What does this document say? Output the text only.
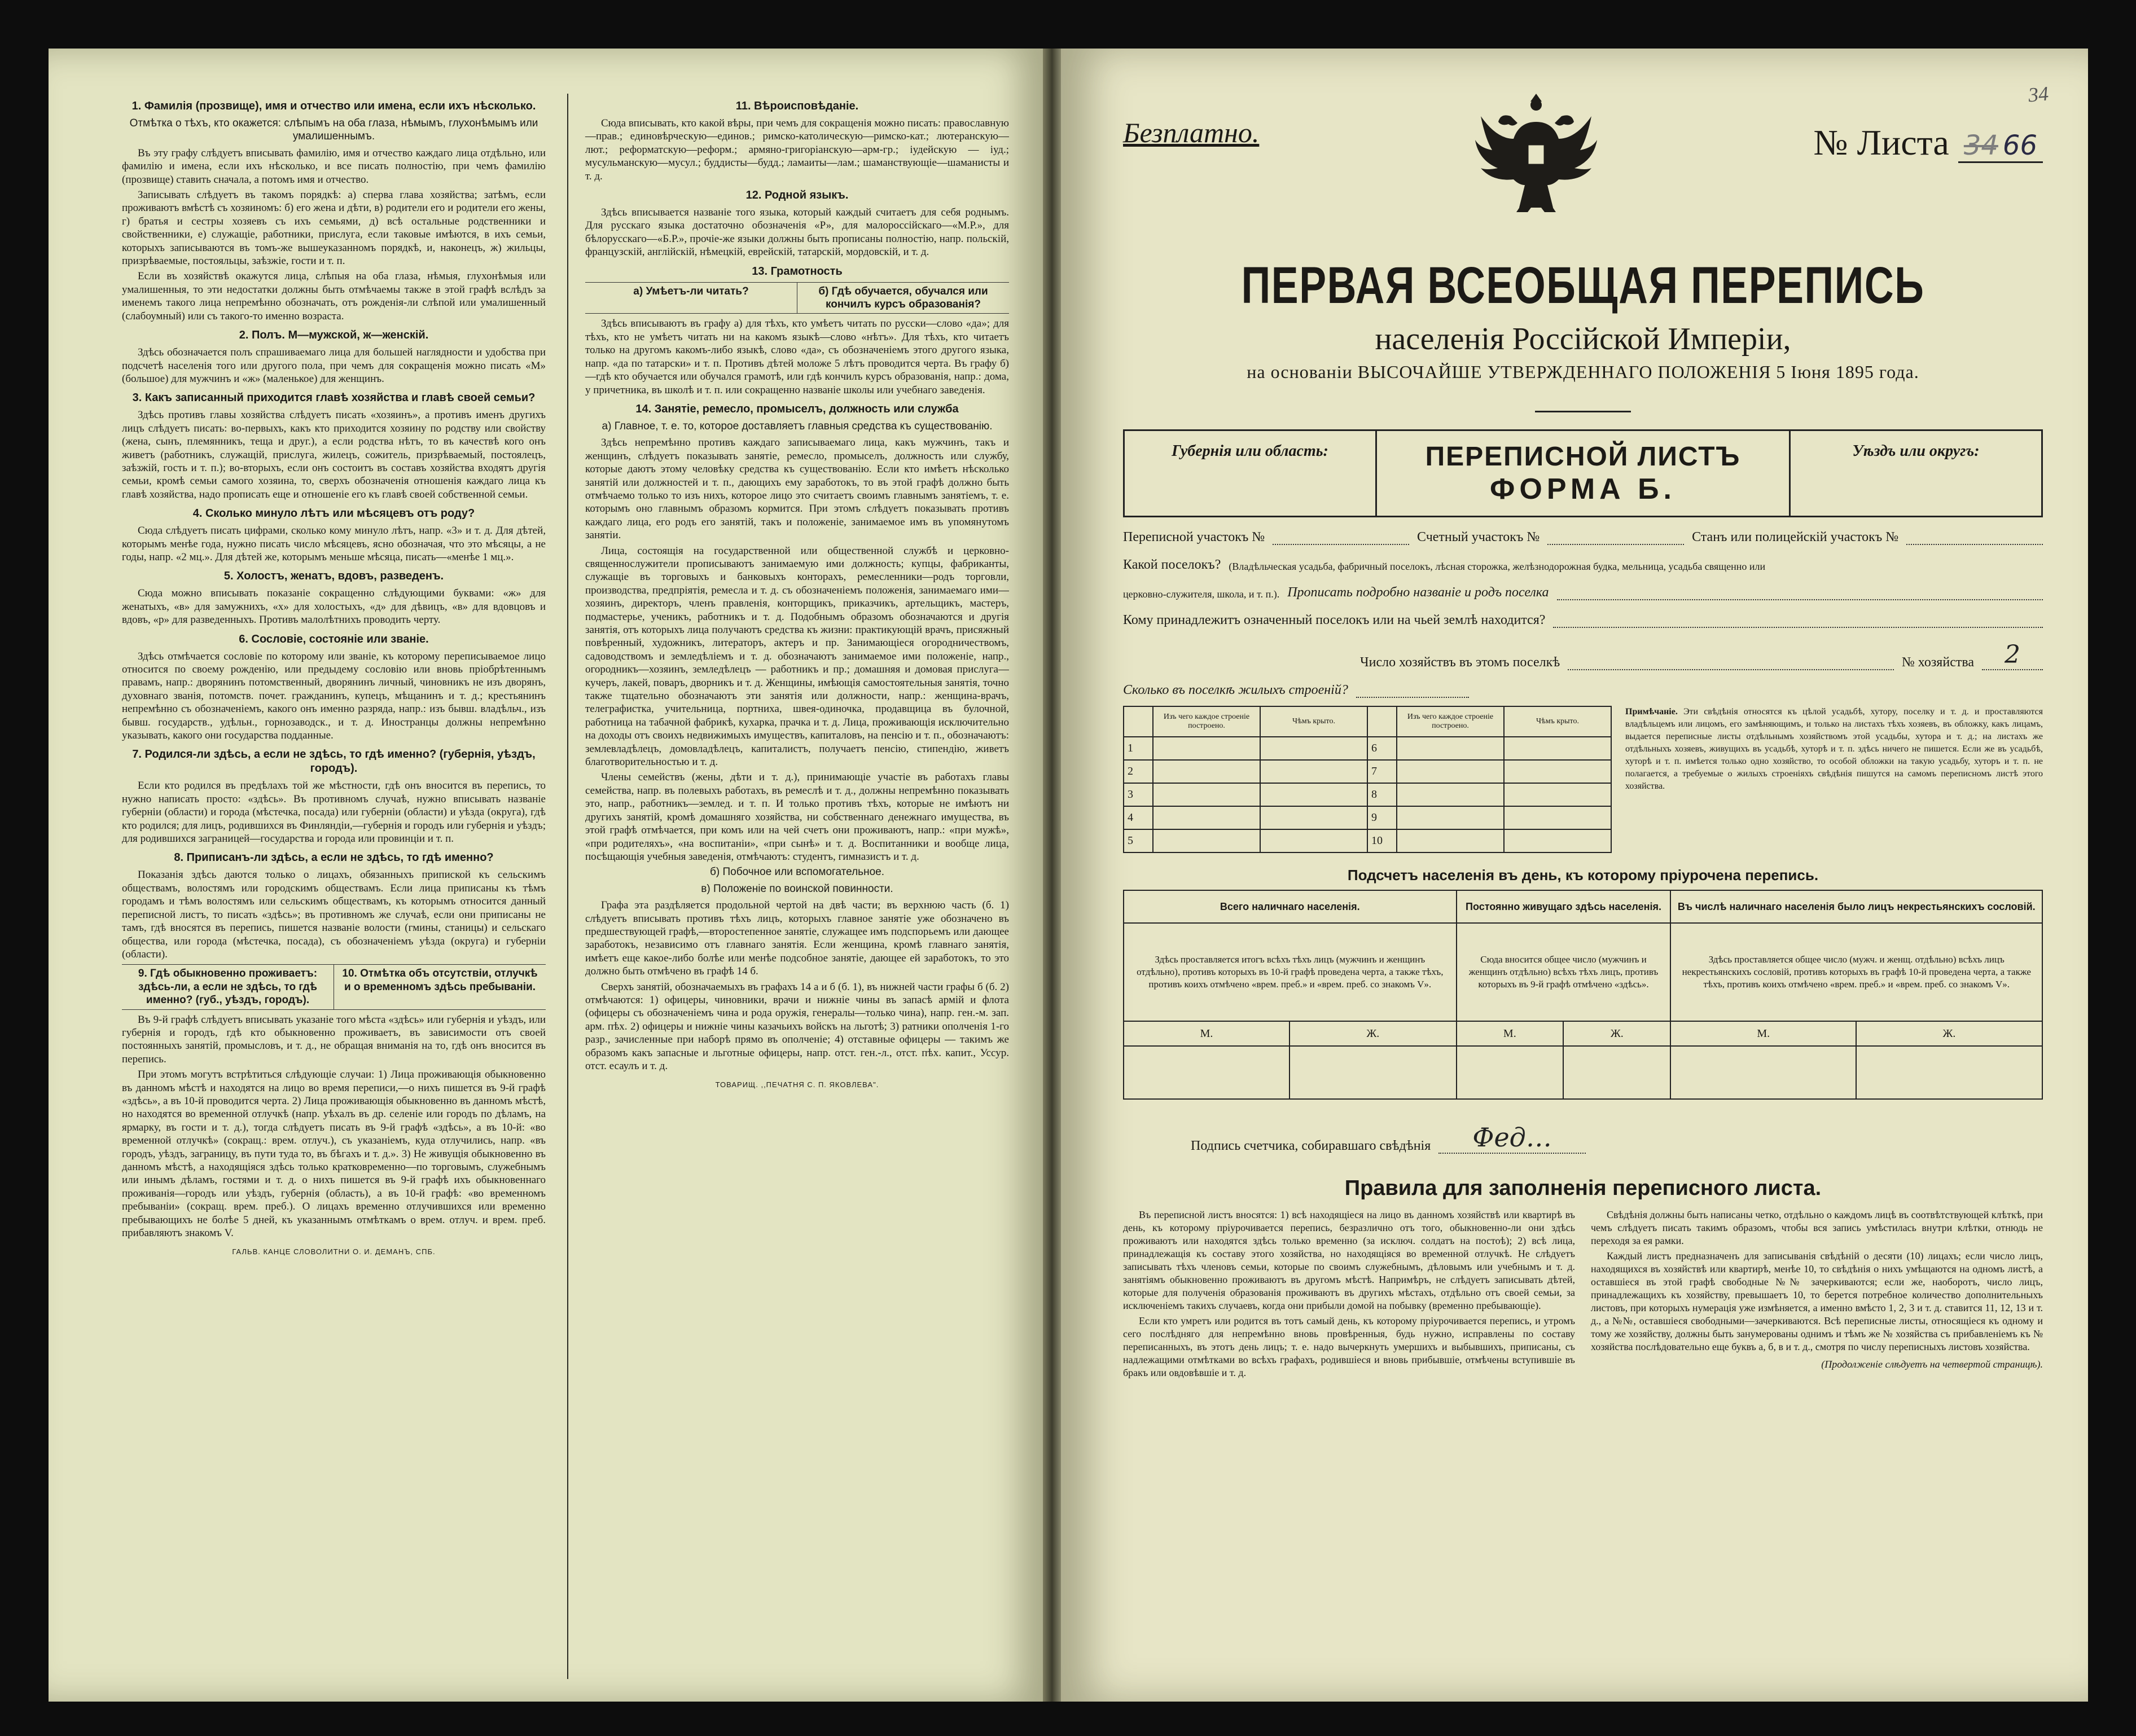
1. Фамилія (прозвище), имя и отчество или имена, если ихъ нѣсколько.
Отмѣтка о тѣхъ, кто окажется: слѣпымъ на оба глаза, нѣмымъ, глухонѣмымъ или умалишеннымъ.

Въ эту графу слѣдуетъ вписывать фамилію, имя и отчество каждаго лица отдѣльно, или фамилію и имена, если ихъ нѣсколько, и все писать полностію, при чемъ фамилію (прозвище) ставить сначала, а потомъ имя и отчество.

Записывать слѣдуетъ въ такомъ порядкѣ: а) сперва глава хозяйства; затѣмъ, если проживаютъ вмѣстѣ съ хозяиномъ: б) его жена и дѣти, в) родители его и родители его жены, г) братья и сестры хозяевъ съ ихъ семьями, д) всѣ остальные родственники и свойственники, е) служащіе, работники, прислуга, если таковые имѣются, в ихъ семьи, которыхъ записываются въ томъ-же вышеуказанномъ порядкѣ, и, наконецъ, ж) жильцы, призрѣваемые, постояльцы, заѣзжіе, гости и т. п.

Если въ хозяйствѣ окажутся лица, слѣпыя на оба глаза, нѣмыя, глухонѣмыя или умалишенныя, то эти недостатки должны быть отмѣчаемы также в этой графѣ вслѣдъ за именемъ такого лица непремѣнно обозначать, отъ рожденія-ли слѣпой или умалишенный (слабоумный) или съ такого-то именно возраста.

2. Полъ. М—мужской, ж—женскій.

Здѣсь обозначается полъ спрашиваемаго лица для большей наглядности и удобства при подсчетѣ населенія того или другого пола, при чемъ для сокращенія можно писать «М» (большое) для мужчинъ и «ж» (маленькое) для женщинъ.

3. Какъ записанный приходится главѣ хозяйства и главѣ своей семьи?

Здѣсь противъ главы хозяйства слѣдуетъ писать «хозяинъ», а противъ именъ другихъ лицъ слѣдуетъ писать: во-первыхъ, какъ кто приходится хозяину по родству или свойству (жена, сынъ, племянникъ, теща и друг.), а если родства нѣтъ, то въ качествѣ кого онъ живетъ (работникъ, служащій, прислуга, жилецъ, сожитель, призрѣваемый, постоялецъ, заѣзжій, гость и т. п.); во-вторыхъ, если онъ состоитъ въ составъ хозяйства входятъ другія семьи, кромѣ семьи самого хозяина, то, сверхъ обозначенія отношенія каждаго лица къ главѣ хозяйства, надо прописать еще и отношеніе его къ главѣ своей собственной семьи.

4. Сколько минуло лѣтъ или мѣсяцевъ отъ роду?

Сюда слѣдуетъ писать цифрами, сколько кому минуло лѣтъ, напр. «3» и т. д. Для дѣтей, которымъ менѣе года, нужно писать число мѣсяцевъ, ясно обозначая, что это мѣсяцы, а не годы, напр. «2 мц.». Для дѣтей же, которымъ меньше мѣсяца, писать—«менѣе 1 мц.».

5. Холостъ, женатъ, вдовъ, разведенъ.

Сюда можно вписывать показаніе сокращенно слѣдующими буквами: «ж» для женатыхъ, «в» для замужнихъ, «х» для холостыхъ, «д» для дѣвицъ, «в» для вдовцовъ и вдовъ, «р» для разведенныхъ. Противъ малолѣтнихъ проводить черту.

6. Сословіе, состояніе или званіе.

Здѣсь отмѣчается сословіе по которому или званіе, къ которому переписываемое лицо относится по своему рожденію, или предыдему сословію или вновь пріобрѣтеннымъ правамъ, напр.: дворянинъ потомственный, дворянинъ личный, чиновникъ не изъ дворянъ, духовнаго званія, потомств. почет. гражданинъ, купецъ, мѣщанинъ и т. д.; крестьянинъ непремѣнно съ обозначеніемъ, какого онъ именно разряда, напр.: изъ бывш. владѣльч., изъ бывш. государств., удѣльн., горнозаводск., и т. д. Иностранцы должны непремѣнно указывать, какого они государства подданные.

7. Родился-ли здѣсь, а если не здѣсь, то гдѣ именно? (губернія, уѣздъ, городъ).

Если кто родился въ предѣлахъ той же мѣстности, гдѣ онъ вносится въ перепись, то нужно написать просто: «здѣсь». Въ противномъ случаѣ, нужно вписывать названіе губерніи (области) и города (мѣстечка, посада) или губерніи (области) и уѣзда (округа), гдѣ кто родился; для лицъ, родившихся въ Финляндіи,—губернія и городъ или губернія и уѣздъ; для родившихся заграницей—государства и города или провинціи и т. п.

8. Приписанъ-ли здѣсь, а если не здѣсь, то гдѣ именно?

Показанія здѣсь даются только о лицахъ, обязанныхъ припиской къ сельскимъ обществамъ, волостямъ или городскимъ обществамъ. Если лица приписаны къ тѣмъ городамъ и тѣмъ волостямъ или сельскимъ обществамъ, къ которымъ относится данный переписной листъ, то писать «здѣсь»; въ противномъ же случаѣ, если они приписаны не тамъ, гдѣ вносятся въ перепись, пишется названіе волости (гмины, станицы) и сельскаго общества, или города (мѣстечка, посада), съ обозначеніемъ уѣзда (округа) и губерніи (области).

9. Гдѣ обыкновенно проживаетъ: здѣсь-ли, а если не здѣсь, то гдѣ именно? (губ., уѣздъ, городъ).
10. Отмѣтка объ отсутствіи, отлучкѣ и о временномъ здѣсь пребываніи.

Въ 9-й графѣ слѣдуетъ вписывать указаніе того мѣста «здѣсь» или губернія и уѣздъ, или губернія и городъ, гдѣ кто обыкновенно проживаетъ, въ зависимости отъ своей постоянныхъ занятій, промысловъ, и т. д., не обращая вниманія на то, гдѣ онъ вносится въ перепись.

При этомъ могутъ встрѣтиться слѣдующіе случаи: 1) Лица проживающія обыкновенно въ данномъ мѣстѣ и находятся на лицо во время переписи,—о нихъ пишется въ 9-й графѣ «здѣсь», а въ 10-й проводится черта. 2) Лица проживающія обыкновенно въ данномъ мѣстѣ, но находятся во временной отлучкѣ (напр. уѣхалъ въ др. селеніе или городъ по дѣламъ, на ярмарку, въ гости и т. д.), тогда слѣдуетъ писать въ 9-й графѣ «здѣсь», а въ 10-й: «во временной отлучкѣ» (сокращ.: врем. отлуч.), съ указаніемъ, куда отлучились, напр. «въ городъ, уѣздъ, заграницу, въ пути туда то, въ бѣгахъ и т. д.». 3) Не живущія обыкновенно въ данномъ мѣстѣ, а находящіяся здѣсь только кратковременно—по торговымъ, служебнымъ или инымъ дѣламъ, гостями и т. д. о нихъ пишется въ 9-й графѣ ихъ обыкновеннаго проживанія—городъ или уѣздъ, губернія (область), а въ 10-й графѣ: «во временномъ пребываніи» (сокращ. врем. преб.). О лицахъ временно отлучившихся или временно пребывающихъ не болѣе 5 дней, къ указаннымъ отмѣткамъ о врем. отлуч. и врем. преб. прибавляютъ знакомъ V.

ГАЛЬВ. КАНЦЕ СЛОВОЛИТНИ О. И. ДЕМАНЪ, СПБ.
11. Вѣроисповѣданіе.

Сюда вписывать, кто какой вѣры, при чемъ для сокращенія можно писать: православную—прав.; единовѣрческую—единов.; римско-католическую—римско-кат.; лютеранскую—лют.; реформатскую—реформ.; армяно-григоріанскую—арм-гр.; іудейскую — іуд.; мусульманскую—мусул.; буддисты—будд.; ламаиты—лам.; шаманствующіе—шаманисты и т. д.

12. Родной языкъ.

Здѣсь вписывается названіе того языка, который каждый считаетъ для себя роднымъ. Для русскаго языка достаточно обозначенія «Р», для малороссійскаго—«М.Р.», для бѣлорусскаго—«Б.Р.», прочіе-же языки должны быть прописаны полностію, напр. польскій, французскій, англійскій, нѣмецкій, еврейскій, татарскій, мордовскій, и т. д.

13. Грамотность
а) Умѣетъ-ли читать?	б) Гдѣ обучается, обучался или кончилъ курсъ образованія?

Здѣсь вписываютъ въ графу а) для тѣхъ, кто умѣетъ читать по русски—слово «да»; для тѣхъ, кто не умѣетъ читать ни на какомъ языкѣ—слово «нѣтъ». Для тѣхъ, кто читаетъ только на другомъ какомъ-либо языкѣ, слово «да», съ обозначеніемъ этого другого языка, напр. «да по татарски» и т. п. Противъ дѣтей моложе 5 лѣтъ проводится черта. Въ графу б)—гдѣ кто обучается или обучался грамотѣ, или гдѣ кончилъ курсъ образованія, напр.: дома, у причетника, въ школѣ и т. п. или сокращенно названіе школы или учебнаго заведенія.

14. Занятіе, ремесло, промыселъ, должность или служба
а) Главное, т. е. то, которое доставляетъ главныя средства къ существованію.

Здѣсь непремѣнно противъ каждаго записываемаго лица, какъ мужчинъ, такъ и женщинъ, слѣдуетъ показывать занятіе, ремесло, промыселъ, должность или службу, которые даютъ этому человѣку средства къ существованію. Если кто имѣетъ нѣсколько занятій или должностей и т. п., дающихъ ему заработокъ, то въ этой графѣ должно быть отмѣчаемо только то изъ нихъ, которое лицо это считаетъ своимъ главнымъ занятіемъ, т. е. которымъ оно главнымъ образомъ кормится. При этомъ слѣдуетъ показывать противъ каждаго лица, его родъ его занятій, такъ и положеніе, занимаемое имъ въ упомянутомъ занятіи.

Лица, состоящія на государственной или общественной службѣ и церковно-священнослужители прописываютъ занимаемую ими должность; купцы, фабриканты, служащіе въ торговыхъ и банковыхъ конторахъ, ремесленники—родъ торговли, производства, предпріятія, ремесла и т. д. съ обозначеніемъ положенія, занимаемаго ими—хозяинъ, директоръ, членъ правленія, конторщикъ, приказчикъ, артельщикъ, мастеръ, подмастерье, ученикъ, работникъ и т. д. Подобнымъ образомъ обозначаются и другія занятія, отъ которыхъ лица получаютъ средства къ жизни: практикующій врачъ, присяжный повѣренный, художникъ, литераторъ, актеръ и пр. Занимающіеся огородничествомъ, садоводствомъ и земледѣліемъ и т. д. обозначаютъ занимаемое ими положеніе, напр., огородникъ—хозяинъ, земледѣлецъ — работникъ и пр.; домашняя и домовая прислуга—кучеръ, лакей, поваръ, дворникъ и т. д. Женщины, имѣющія самостоятельныя занятія, точно также тщательно обозначаютъ эти занятія или должности, напр.: женщина-врачъ, телеграфистка, учительница, портниха, швея-одиночка, продавщица въ булочной, работница на табачной фабрикѣ, кухарка, прачка и т. д. Лица, проживающія исключительно на доходы отъ своихъ недвижимыхъ имуществъ, капиталовъ, на пенсію и т. п., обозначаютъ: землевладѣлецъ, домовладѣлецъ, капиталистъ, получаетъ пенсію, стипендію, живетъ благотворительностью и т. д.

Члены семействъ (жены, дѣти и т. д.), принимающіе участіе въ работахъ главы семейства, напр. въ полевыхъ работахъ, въ ремеслѣ и т. д., должны непремѣнно показывать это, напр., работникъ—землед. и т. п. И только противъ тѣхъ, которые не имѣютъ ни другихъ занятій, кромѣ домашняго хозяйства, ни собственнаго денежнаго имущества, въ этой графѣ отмѣчается, при комъ или на чей счетъ они проживаютъ, напр.: «при мужѣ», «при родителяхъ», «на воспитаніи», «при сынѣ» и т. д. Воспитанники и вообще лица, посѣщающія учебныя заведенія, отмѣчаютъ: студентъ, гимназистъ и т. д.

б) Побочное или вспомогательное.
в) Положеніе по воинской повинности.

Графа эта раздѣляется продольной чертой на двѣ части; въ верхнюю часть (б. 1) слѣдуетъ вписывать противъ тѣхъ лицъ, которыхъ главное занятіе уже обозначено въ предшествующей графѣ,—второстепенное занятіе, служащее имъ подспорьемъ или дающее заработокъ, независимо отъ главнаго занятія. Если женщина, кромѣ главнаго занятія, имѣетъ еще какое-либо болѣе или менѣе подсобное занятіе, дающее ей заработокъ, то это должно быть отмѣчено въ графѣ 14 б.

Сверхъ занятій, обозначаемыхъ въ графахъ 14 а и б (б. 1), въ нижней части графы б (б. 2) отмѣчаются: 1) офицеры, чиновники, врачи и нижніе чины въ запасѣ армій и флота (офицеры съ обозначеніемъ чина и рода оружія, генералы—только чина), напр. ген.-м. зап. арм. пѣх. 2) офицеры и нижніе чины казачьихъ войскъ на льготѣ; 3) ратники ополченія 1-го разр., зачисленные при наборѣ прямо въ ополченіе; 4) отставные офицеры — такимъ же образомъ какъ запасные и льготные офицеры, напр. отст. ген.-л., отст. пѣх. капит., Уссур. отст. есаулъ и т. д.

ТОВАРИЩ. ,,ПЕЧАТНЯ С. П. ЯКОВЛЕВА".
34
Безплатно.	№ Листа 34 66
ПЕРВАЯ ВСЕОБЩАЯ ПЕРЕПИСЬ
населенія Россійской Имперіи,
на основаніи ВЫСОЧАЙШЕ УТВЕРЖДЕННАГО ПОЛОЖЕНІЯ 5 Іюня 1895 года.
Губернія или область:	ПЕРЕПИСНОЙ ЛИСТЪ
ФОРМА Б.
Уѣздъ или округъ:
Переписной участокъ №	Счетный участокъ №	Станъ или полицейскій участокъ №
Какой поселокъ? (Владѣльческая усадьба, фабричный поселокъ, лѣсная сторожка, желѣзнодорожная будка, мельница, усадьба священно или
церковно-служителя, школа, и т. п.). Прописать подробно названіе и родъ поселка
Кому принадлежитъ означенный поселокъ или на чьей землѣ находится?
Число хозяйствъ въ этомъ поселкѣ	№ хозяйства	2
Сколько въ поселкѣ жилыхъ строеній?
	Изъ чего каждое строеніе построено.	Чѣмъ крыто.		Изъ чего каждое строеніе построено.	Чѣмъ крыто.
1			6		
2			7		
3			8		
4			9		
5			10		
Примѣчаніе. Эти свѣдѣнія относятся къ цѣлой усадьбѣ, хутору, поселку и т. д. и проставляются владѣльцемъ или лицомъ, его замѣняющимъ, и только на листахъ тѣхъ хозяевъ, въ обложку, какъ лицамъ, выдается переписные листы отдѣльнымъ хозяйствомъ этой усадьбы, хутора и т. д.; на листахъ же отдѣльныхъ хозяевъ, живущихъ въ усадьбѣ, хуторѣ и т. п. здѣсь ничего не пишется. Если же въ усадьбѣ, хуторѣ и т. п. имѣется только одно хозяйство, то особой обложки на такую усадьбу, хуторъ и т. п. не полагается, а требуемые о жилыхъ строеніяхъ свѣдѣнія пишутся на самомъ переписномъ листѣ этого хозяйства.
Подсчетъ населенія въ день, къ которому пріурочена перепись.
Всего наличнаго населенія.		Постоянно живущаго здѣсь населенія.		Въ числѣ наличнаго населенія было лицъ некрестьянскихъ сословій.	
Здѣсь проставляется итогъ всѣхъ тѣхъ лицъ (мужчинъ и женщинъ отдѣльно), противъ которыхъ въ 10-й графѣ проведена черта, а также тѣхъ, противъ коихъ отмѣчено «врем. преб.» и «врем. преб. со знакомъ V».		Сюда вносится общее число (мужчинъ и женщинъ отдѣльно) всѣхъ тѣхъ лицъ, противъ которыхъ въ 9-й графѣ отмѣчено «здѣсь».		Здѣсь проставляется общее число (мужч. и женщ. отдѣльно) всѣхъ лицъ некрестьянскихъ сословій, противъ которыхъ въ графѣ 10-й проведена черта, а также тѣхъ, противъ коихъ отмѣчено «врем. преб.» и «врем. преб. со знакомъ V».	
М.	Ж.	М.	Ж.	М.	Ж.

Подпись счетчика, собиравшаго свѣдѣнія	Фед…
Правила для заполненія переписного листа.

Въ переписной листъ вносятся: 1) всѣ находящіеся на лицо въ данномъ хозяйствѣ или квартирѣ въ день, къ которому пріурочивается перепись, безразлично отъ того, обыкновенно-ли они здѣсь проживаютъ или находятся здѣсь только временно (за исключ. солдатъ на постоѣ); 2) всѣ лица, принадлежащія къ составу этого хозяйства, но находящіяся во временной отлучкѣ. Не слѣдуетъ записывать тѣхъ членовъ семьи, которые по своимъ служебнымъ, дѣловымъ или учебнымъ и т. д. занятіямъ обыкновенно проживаютъ въ другомъ мѣстѣ. Напримѣръ, не слѣдуетъ записывать дѣтей, которые для полученія образованія проживаютъ въ другихъ мѣстахъ, отдѣльно отъ своей семьи, за исключеніемъ такихъ случаевъ, когда они прибыли домой на побывку (временно пребывающіе).

Если кто умретъ или родится въ тотъ самый день, къ которому пріурочивается перепись, и утромъ сего послѣдняго для непремѣнно вновь провѣренныя, будь нужно, исправлены по составу переписанныхъ, въ этотъ день лицъ; т. е. надо вычеркнуть умершихъ и выбывшихъ, приписаны, съ надлежащими отмѣтками во всѣхъ графахъ, родившіеся и вновь прибывшіе, отмѣчены вступившіе въ бракъ или овдовѣвшіе и т. д.

Свѣдѣнія должны быть написаны четко, отдѣльно о каждомъ лицѣ въ соотвѣтствующей клѣткѣ, при чемъ слѣдуетъ писать такимъ образомъ, чтобы вся запись умѣстилась внутри клѣтки, отнюдь не переходя за ея рамки.

Каждый листъ предназначенъ для записыванія свѣдѣній о десяти (10) лицахъ; если число лицъ, находящихся въ хозяйствѣ или квартирѣ, менѣе 10, то свѣдѣнія о нихъ умѣщаются на одномъ листѣ, а оставшіеся въ этой графѣ свободные №№ зачеркиваются; если же, наоборотъ, число лицъ, принадлежащихъ къ хозяйству, превышаетъ 10, то берется потребное количество дополнительныхъ листовъ, при которыхъ нумерація уже измѣняется, а именно вмѣсто 1, 2, 3 и т. д. ставится 11, 12, 13 и т. д., а №№, оставшіеся свободными—зачеркиваются. Всѣ переписные листы, относящіеся къ одному и тому же хозяйству, должны быть занумерованы однимъ и тѣмъ же № хозяйства съ прибавленіемъ къ № хозяйства послѣдовательно еще буквъ а, б, в и т. д., смотря по числу переписныхъ листовъ хозяйства.

(Продолженіе слѣдуетъ на четвертой страницѣ).
